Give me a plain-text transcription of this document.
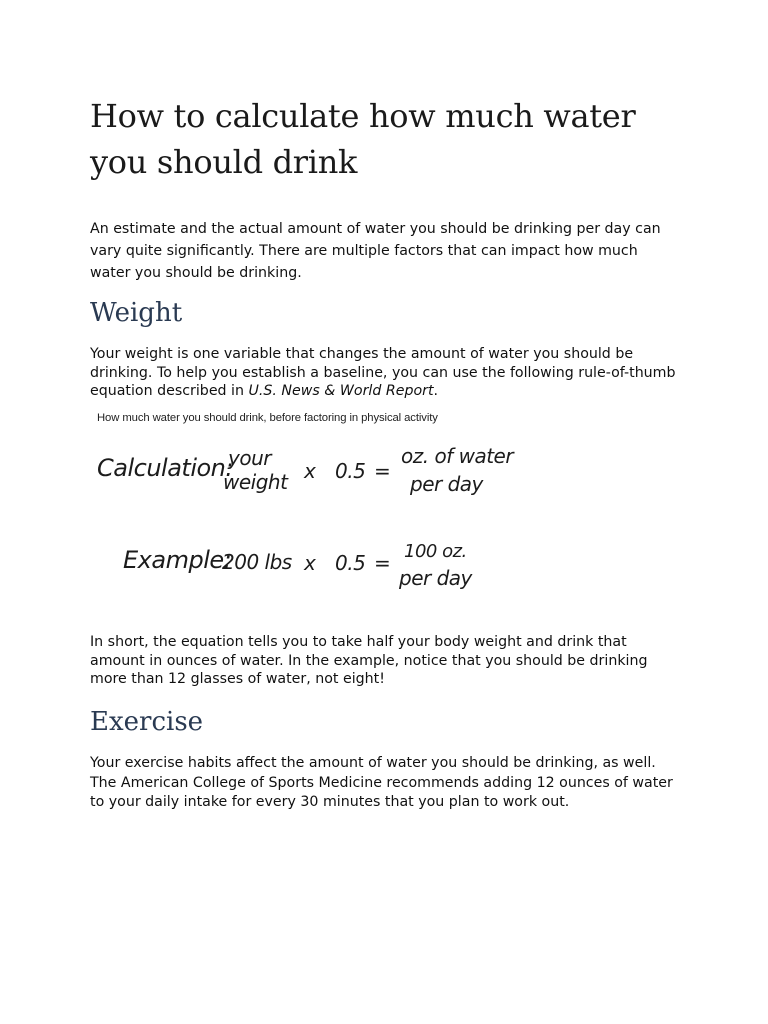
How to calculate how much water you should drink

An estimate and the actual amount of water you should be drinking per day can vary quite significantly. There are multiple factors that can impact how much water you should be drinking.

Weight

Your weight is one variable that changes the amount of water you should be drinking. To help you establish a baseline, you can use the following rule-of-thumb equation described in U.S. News & World Report.

How much water you should drink, before factoring in physical activity
Calculation:
your
weight x 0.5 =
oz. of water
per day
Example:
200 lbs x 0.5 = 100 oz.
per day

In short, the equation tells you to take half your body weight and drink that amount in ounces of water. In the example, notice that you should be drinking more than 12 glasses of water, not eight!

Exercise

Your exercise habits affect the amount of water you should be drinking, as well. The American College of Sports Medicine recommends adding 12 ounces of water to your daily intake for every 30 minutes that you plan to work out.
